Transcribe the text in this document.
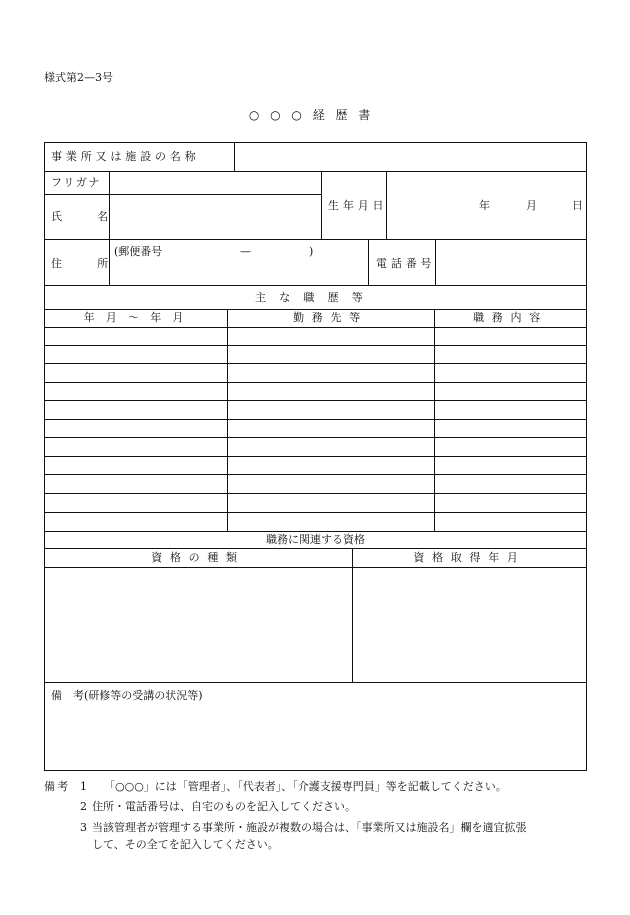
様式第2—3号
○○○経歴書
事業所又は施設の名称
フリガナ
氏　名
生年月日	年	月	日
住　所
(郵便番号	—	)
電話番号
主な職歴等
年 月 ～ 年 月	勤務先等	職務内容
職務に関連する資格
資格の種類	資格取得年月
備　考(研修等の受講の状況等)
備考 1 「○○○」には「管理者」、「代表者」、「介護支援専門員」等を記載してください。
2 住所・電話番号は、自宅のものを記入してください。
3 当該管理者が管理する事業所・施設が複数の場合は、「事業所又は施設名」欄を適宜拡張
して、その全てを記入してください。
